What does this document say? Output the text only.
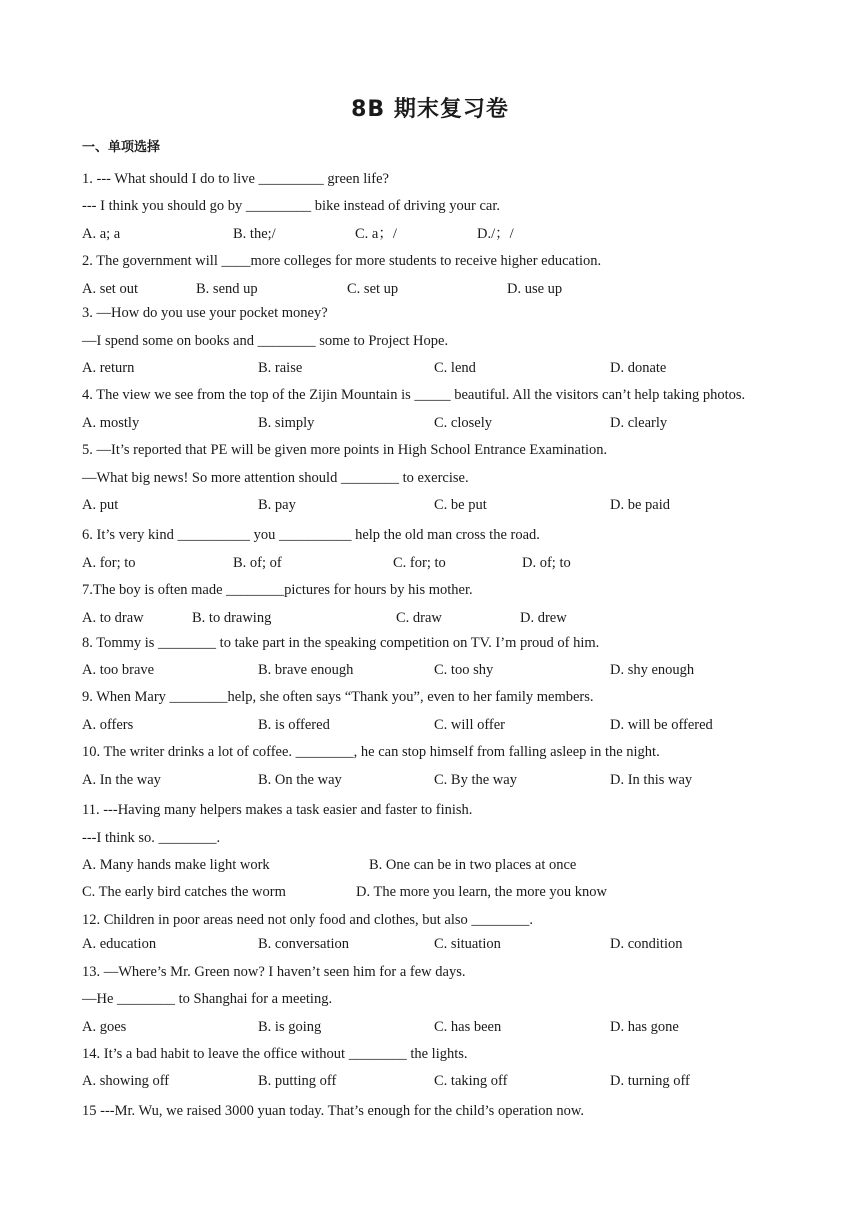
8B 期末复习卷
一、单项选择
1. --- What should I do to live _________ green life?
--- I think you should go by _________ bike instead of driving your car.
A. a; a	B. the;/	C. a；/	D./；/
2. The government will ____more colleges for more students to receive higher education.
A. set out	B. send up	C. set up	D. use up
3. —How do you use your pocket money?
—I spend some on books and ________ some to Project Hope.
A. return	B. raise	C. lend	D. donate
4. The view we see from the top of the Zijin Mountain is _____ beautiful. All the visitors can’t help taking photos.
A. mostly	B. simply	C. closely	D. clearly
5. —It’s reported that PE will be given more points in High School Entrance Examination.
—What big news! So more attention should ________ to exercise.
A. put	B. pay	C. be put	D. be paid
6. It’s very kind __________ you __________ help the old man cross the road.
A. for; to	B. of; of	C. for; to	D. of; to
7.The boy is often made ________pictures for hours by his mother.
A. to draw	B. to drawing	C. draw	D. drew
8. Tommy is ________ to take part in the speaking competition on TV. I’m proud of him.
A. too brave	B. brave enough	C. too shy	D. shy enough
9. When Mary ________help, she often says “Thank you”, even to her family members.
A. offers	B. is offered	C. will offer	D. will be offered
10. The writer drinks a lot of coffee. ________, he can stop himself from falling asleep in the night.
A. In the way	B. On the way	C. By the way	D. In this way
11. ---Having many helpers makes a task easier and faster to finish.
---I think so. ________.
A. Many hands make light work	B. One can be in two places at once
C. The early bird catches the worm	D. The more you learn, the more you know
12. Children in poor areas need not only food and clothes, but also ________.
A. education	B. conversation	C. situation	D. condition
13. —Where’s Mr. Green now? I haven’t seen him for a few days.
—He ________ to Shanghai for a meeting.
A. goes	B. is going	C. has been	D. has gone
14. It’s a bad habit to leave the office without ________ the lights.
A. showing off	B. putting off	C. taking off	D. turning off
15 ---Mr. Wu, we raised 3000 yuan today. That’s enough for the child’s operation now.
